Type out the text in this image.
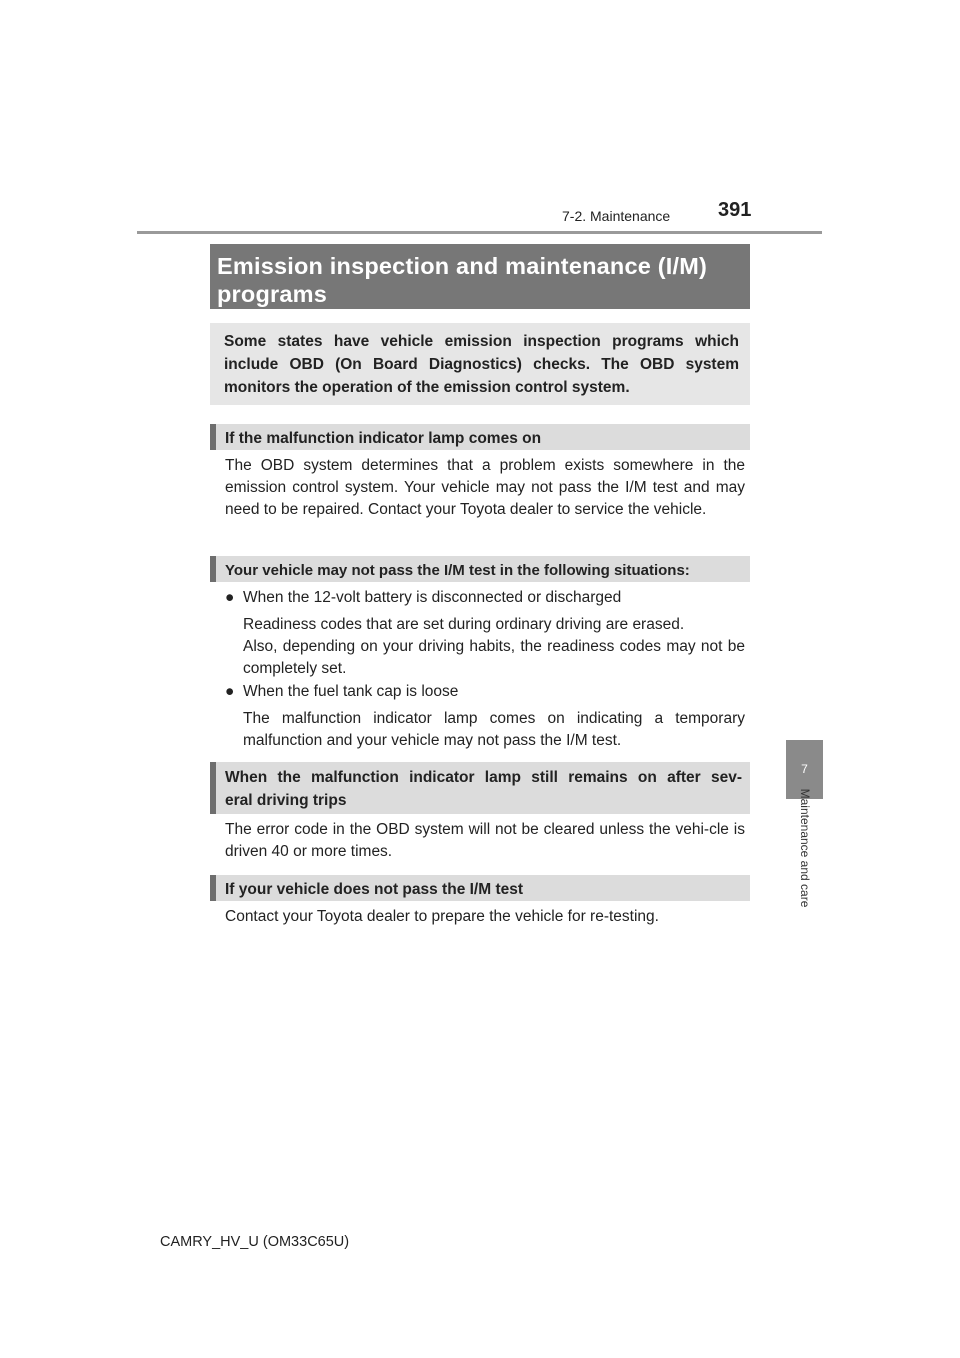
7-2. Maintenance 391
Emission inspection and maintenance (I/M)
programs
Some states have vehicle emission inspection programs which include OBD (On Board Diagnostics) checks. The OBD system monitors the operation of the emission control system.
If the malfunction indicator lamp comes on
The OBD system determines that a problem exists somewhere in the emission control system. Your vehicle may not pass the I/M test and may need to be repaired. Contact your Toyota dealer to service the vehicle.
Your vehicle may not pass the I/M test in the following situations:
● When the 12-volt battery is disconnected or discharged
Readiness codes that are set during ordinary driving are erased.
Also, depending on your driving habits, the readiness codes may not be completely set.
● When the fuel tank cap is loose
The malfunction indicator lamp comes on indicating a temporary malfunction and your vehicle may not pass the I/M test.
When the malfunction indicator lamp still remains on after sev-
eral driving trips
The error code in the OBD system will not be cleared unless the vehi-cle is driven 40 or more times.
If your vehicle does not pass the I/M test
Contact your Toyota dealer to prepare the vehicle for re-testing.
7
Maintenance and care
CAMRY_HV_U (OM33C65U)
